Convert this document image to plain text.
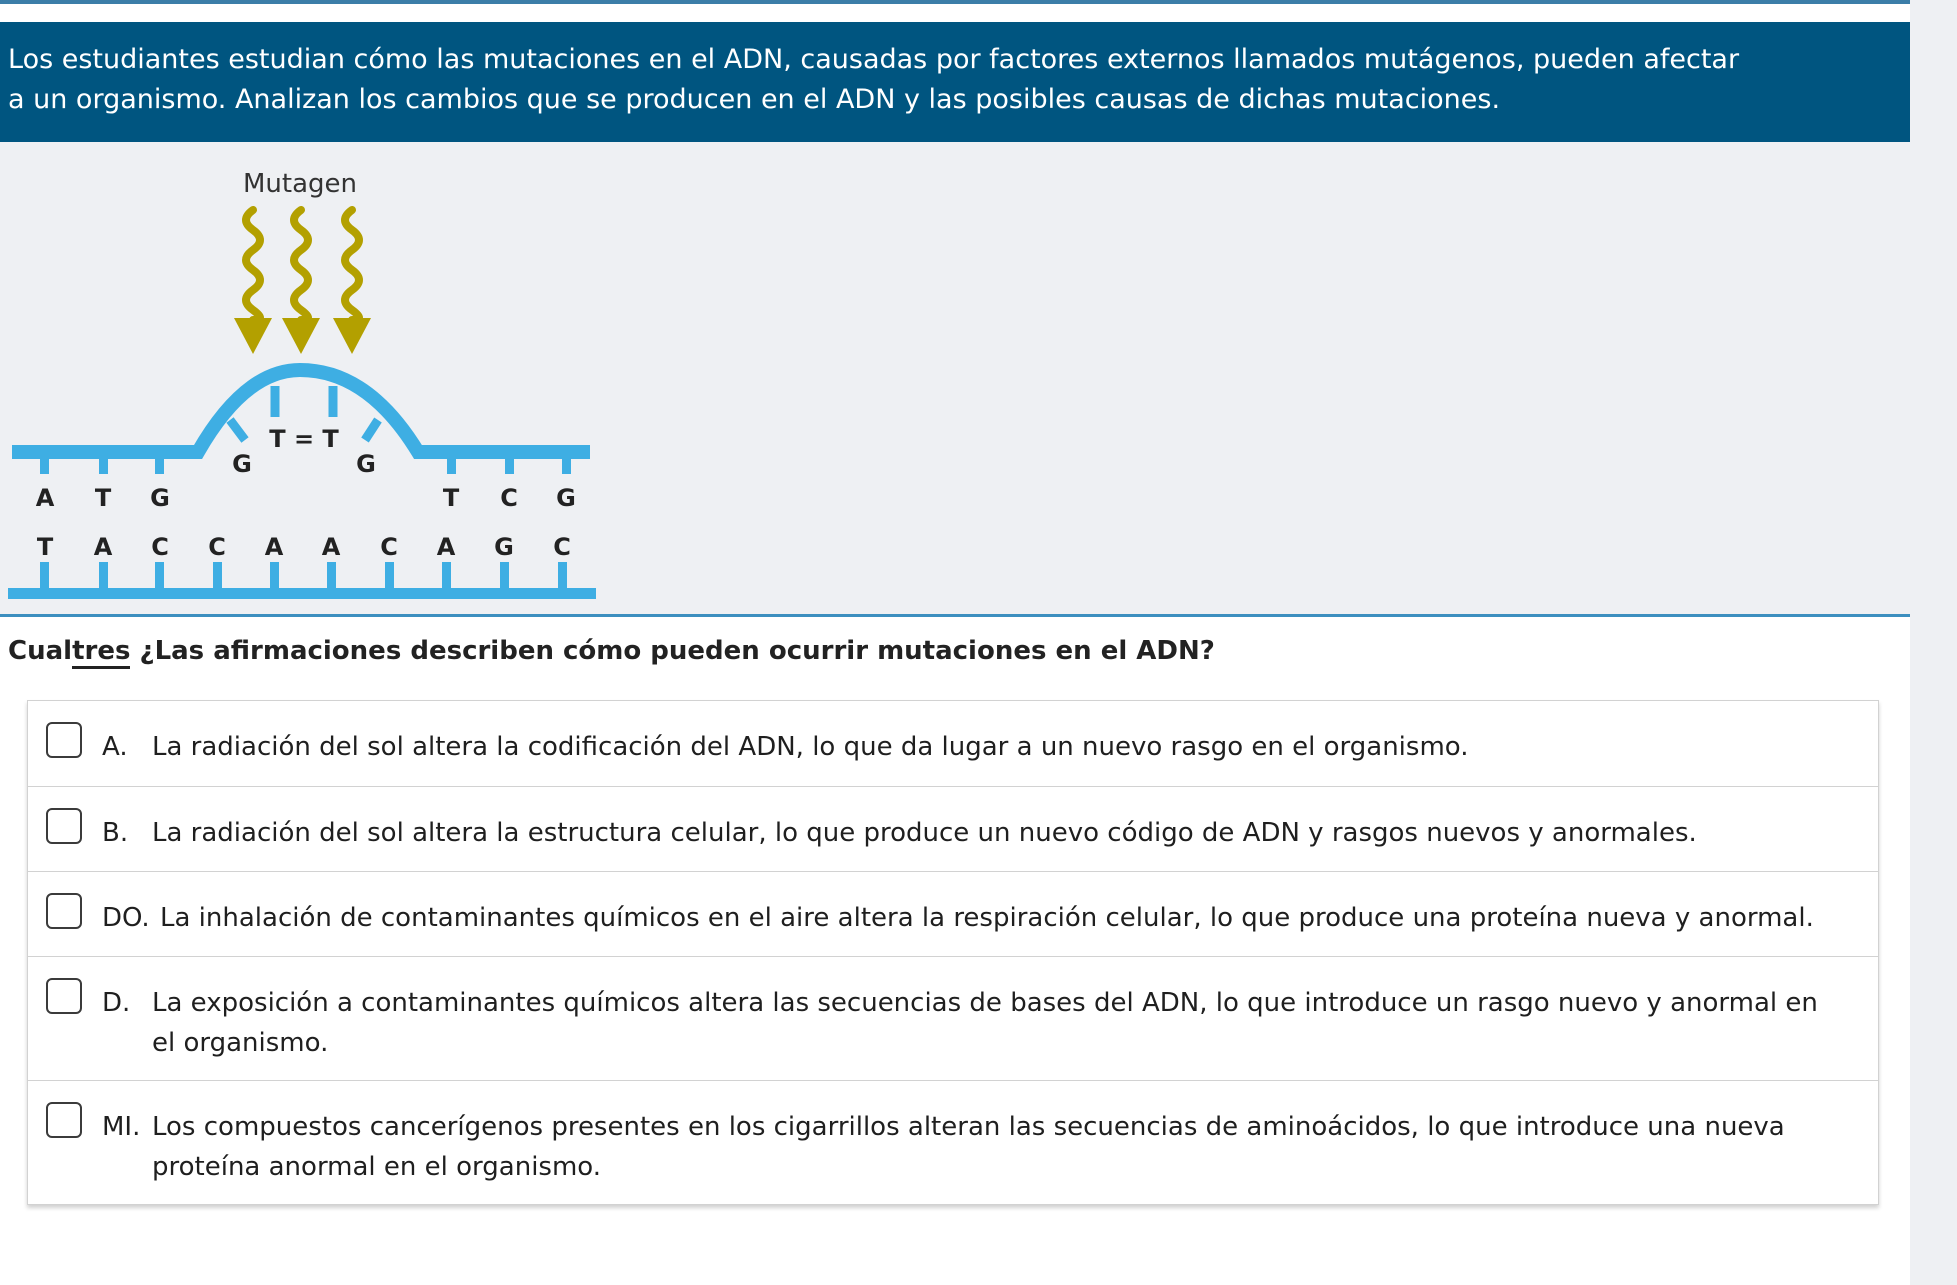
Los estudiantes estudian cómo las mutaciones en el ADN, causadas por factores externos llamados mutágenos, pueden afectar
a un organismo. Analizan los cambios que se producen en el ADN y las posibles causas de dichas mutaciones.
Mutagen
A T G
G	G
T C G
T = T
T A C C A A C A G C
Cualtres ¿Las afirmaciones describen cómo pueden ocurrir mutaciones en el ADN?
A. La radiación del sol altera la codificación del ADN, lo que da lugar a un nuevo rasgo en el organismo.
B. La radiación del sol altera la estructura celular, lo que produce un nuevo código de ADN y rasgos nuevos y anormales.
DO. La inhalación de contaminantes químicos en el aire altera la respiración celular, lo que produce una proteína nueva y anormal.
D. La exposición a contaminantes químicos altera las secuencias de bases del ADN, lo que introduce un rasgo nuevo y anormal en el organismo.
MI. Los compuestos cancerígenos presentes en los cigarrillos alteran las secuencias de aminoácidos, lo que introduce una nueva proteína anormal en el organismo.
